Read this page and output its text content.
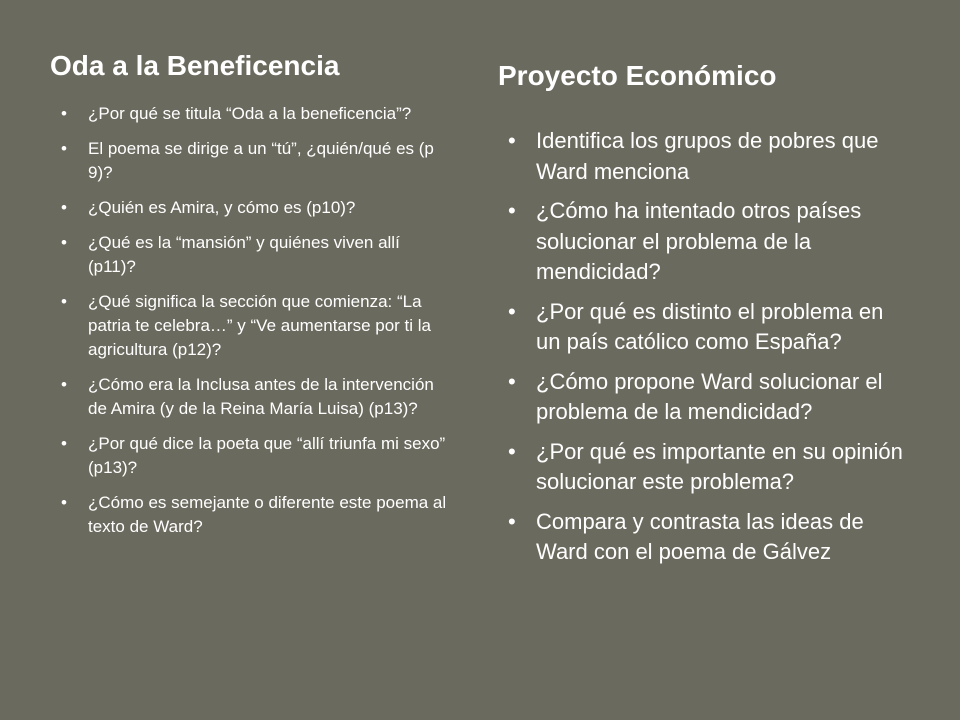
Oda a la Beneficencia
• ¿Por qué se titula “Oda a la beneficencia”?
• El poema se dirige a un “tú”, ¿quién/qué es (p 9)?
• ¿Quién es Amira, y cómo es (p10)?
• ¿Qué es la “mansión” y quiénes viven allí (p11)?
• ¿Qué significa la sección que comienza: “La patria te celebra…” y “Ve aumentarse por ti la agricultura (p12)?
• ¿Cómo era la Inclusa antes de la intervención de Amira (y de la Reina María Luisa) (p13)?
• ¿Por qué dice la poeta que “allí triunfa mi sexo” (p13)?
• ¿Cómo es semejante o diferente este poema al texto de Ward?
Proyecto Económico
• Identifica los grupos de pobres que Ward menciona
• ¿Cómo ha intentado otros países solucionar el problema de la mendicidad?
• ¿Por qué es distinto el problema en un país católico como España?
• ¿Cómo propone Ward solucionar el problema de la mendicidad?
• ¿Por qué es importante en su opinión solucionar este problema?
• Compara y contrasta las ideas de Ward con el poema de Gálvez
